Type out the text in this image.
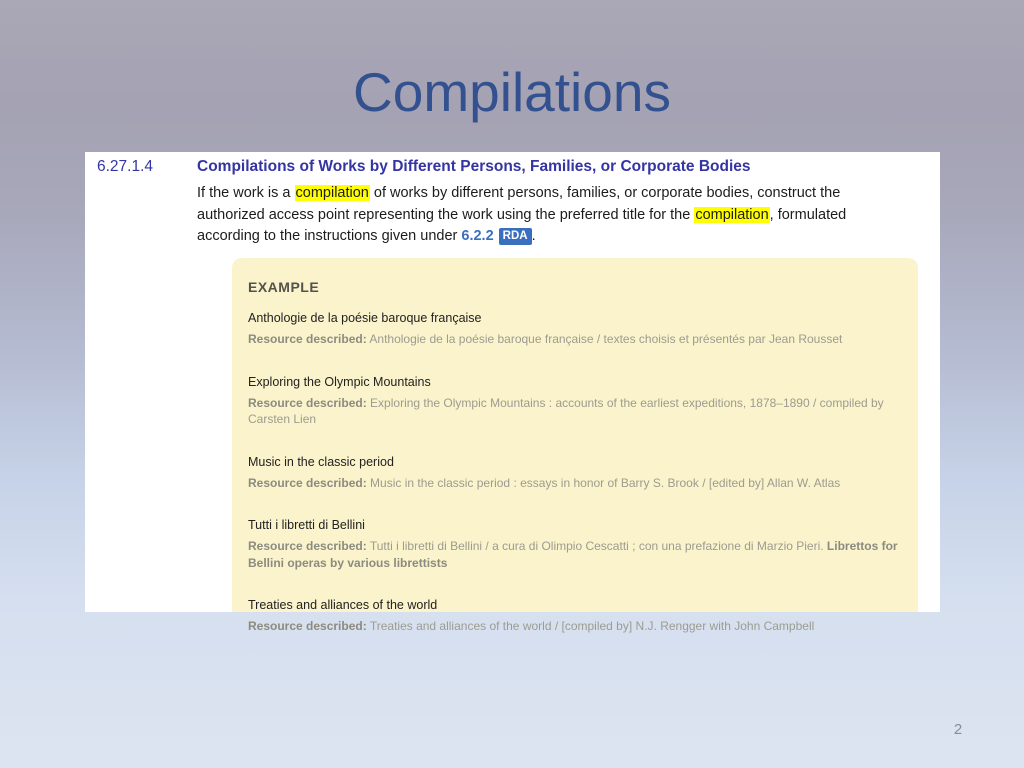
Compilations
6.27.1.4	Compilations of Works by Different Persons, Families, or Corporate Bodies

If the work is a compilation of works by different persons, families, or corporate bodies, construct the authorized access point representing the work using the preferred title for the compilation, formulated according to the instructions given under 6.2.2 RDA .

EXAMPLE
Anthologie de la poésie baroque française
Resource described: Anthologie de la poésie baroque française / textes choisis et présentés par Jean Rousset
Exploring the Olympic Mountains
Resource described: Exploring the Olympic Mountains : accounts of the earliest expeditions, 1878–1890 / compiled by Carsten Lien
Music in the classic period
Resource described: Music in the classic period : essays in honor of Barry S. Brook / [edited by] Allan W. Atlas
Tutti i libretti di Bellini
Resource described: Tutti i libretti di Bellini / a cura di Olimpio Cescatti ; con una prefazione di Marzio Pieri. Librettos for Bellini operas by various librettists
Treaties and alliances of the world
Resource described: Treaties and alliances of the world / [compiled by] N.J. Rengger with John Campbell
2
